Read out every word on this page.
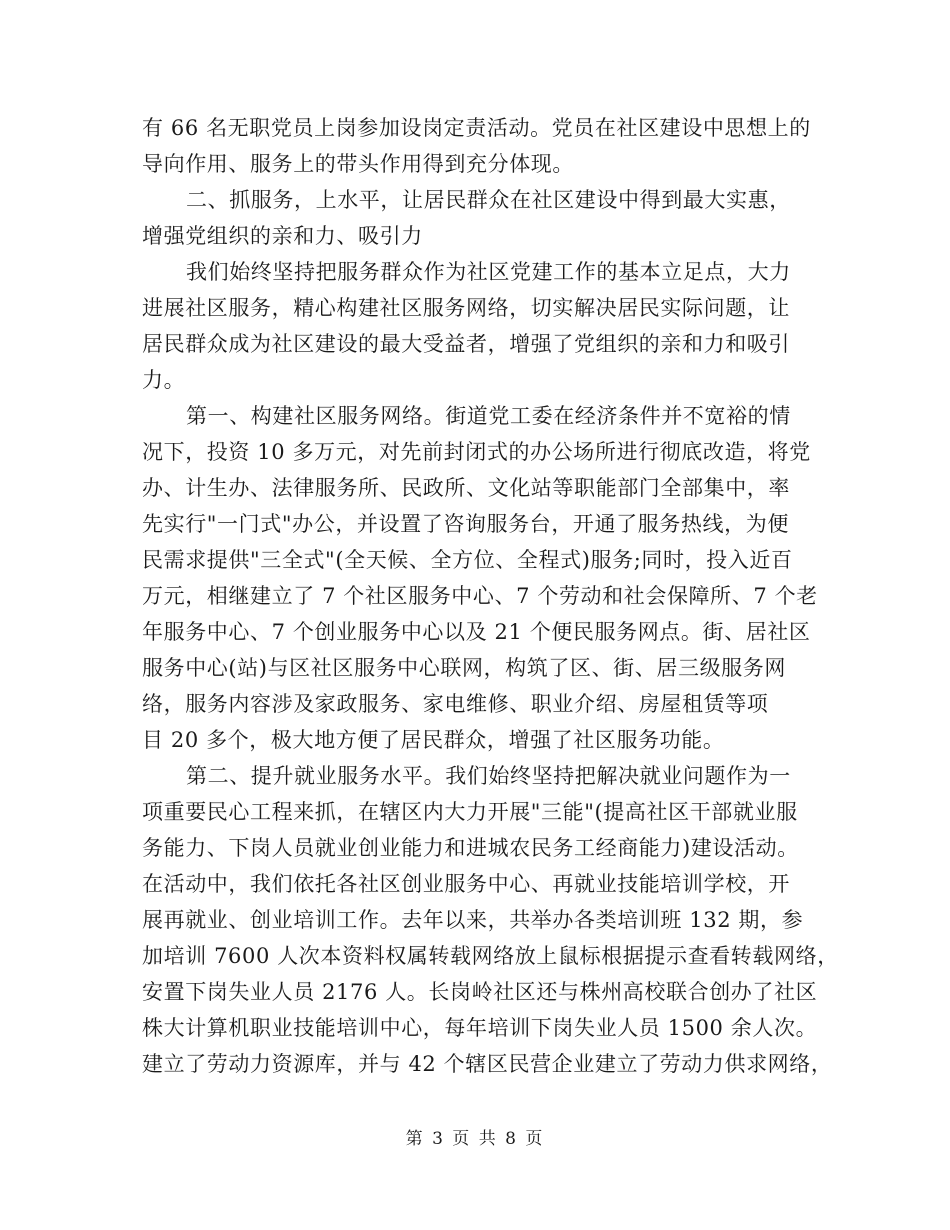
有 66 名无职党员上岗参加设岗定责活动。党员在社区建设中思想上的
导向作用、服务上的带头作用得到充分体现。
二、抓服务，上水平，让居民群众在社区建设中得到最大实惠，
增强党组织的亲和力、吸引力
我们始终坚持把服务群众作为社区党建工作的基本立足点，大力
进展社区服务，精心构建社区服务网络，切实解决居民实际问题，让
居民群众成为社区建设的最大受益者，增强了党组织的亲和力和吸引
力。
第一、构建社区服务网络。街道党工委在经济条件并不宽裕的情
况下，投资 10 多万元，对先前封闭式的办公场所进行彻底改造，将党
办、计生办、法律服务所、民政所、文化站等职能部门全部集中，率
先实行"一门式"办公，并设置了咨询服务台，开通了服务热线，为便
民需求提供"三全式"(全天候、全方位、全程式)服务;同时，投入近百
万元，相继建立了 7 个社区服务中心、7 个劳动和社会保障所、7 个老
年服务中心、7 个创业服务中心以及 21 个便民服务网点。街、居社区
服务中心(站)与区社区服务中心联网，构筑了区、街、居三级服务网
络，服务内容涉及家政服务、家电维修、职业介绍、房屋租赁等项
目 20 多个，极大地方便了居民群众，增强了社区服务功能。
第二、提升就业服务水平。我们始终坚持把解决就业问题作为一
项重要民心工程来抓，在辖区内大力开展"三能"(提高社区干部就业服
务能力、下岗人员就业创业能力和进城农民务工经商能力)建设活动。
在活动中，我们依托各社区创业服务中心、再就业技能培训学校，开
展再就业、创业培训工作。去年以来，共举办各类培训班 132 期，参
加培训 7600 人次本资料权属转载网络放上鼠标根据提示查看转载网络，
安置下岗失业人员 2176 人。长岗岭社区还与株州高校联合创办了社区
株大计算机职业技能培训中心，每年培训下岗失业人员 1500 余人次。
建立了劳动力资源库，并与 42 个辖区民营企业建立了劳动力供求网络，
第 3 页 共 8 页
